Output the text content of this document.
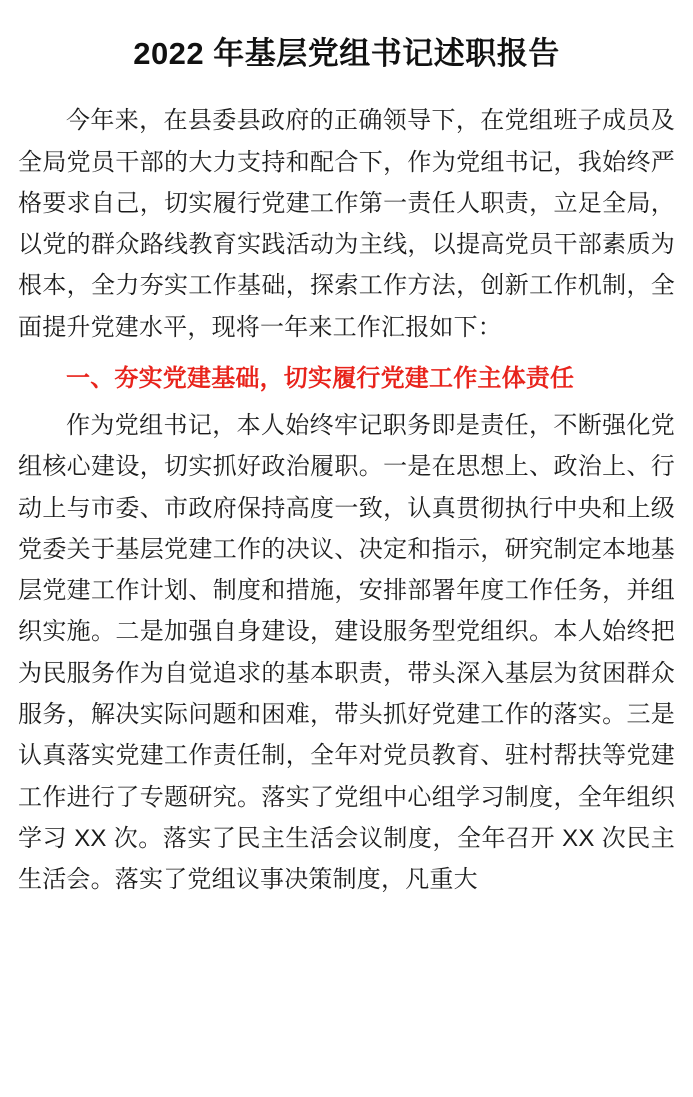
2022 年基层党组书记述职报告

今年来，在县委县政府的正确领导下，在党组班子成员及全局党员干部的大力支持和配合下，作为党组书记，我始终严格要求自己，切实履行党建工作第一责任人职责，立足全局，以党的群众路线教育实践活动为主线，以提高党员干部素质为根本，全力夯实工作基础，探索工作方法，创新工作机制，全面提升党建水平，现将一年来工作汇报如下：

一、夯实党建基础，切实履行党建工作主体责任

作为党组书记，本人始终牢记职务即是责任，不断强化党组核心建设，切实抓好政治履职。一是在思想上、政治上、行动上与市委、市政府保持高度一致，认真贯彻执行中央和上级党委关于基层党建工作的决议、决定和指示，研究制定本地基层党建工作计划、制度和措施，安排部署年度工作任务，并组织实施。二是加强自身建设，建设服务型党组织。本人始终把为民服务作为自觉追求的基本职责，带头深入基层为贫困群众服务，解决实际问题和困难，带头抓好党建工作的落实。三是认真落实党建工作责任制，全年对党员教育、驻村帮扶等党建工作进行了专题研究。落实了党组中心组学习制度，全年组织学习 XX 次。落实了民主生活会议制度，全年召开 XX 次民主生活会。落实了党组议事决策制度，凡重大
